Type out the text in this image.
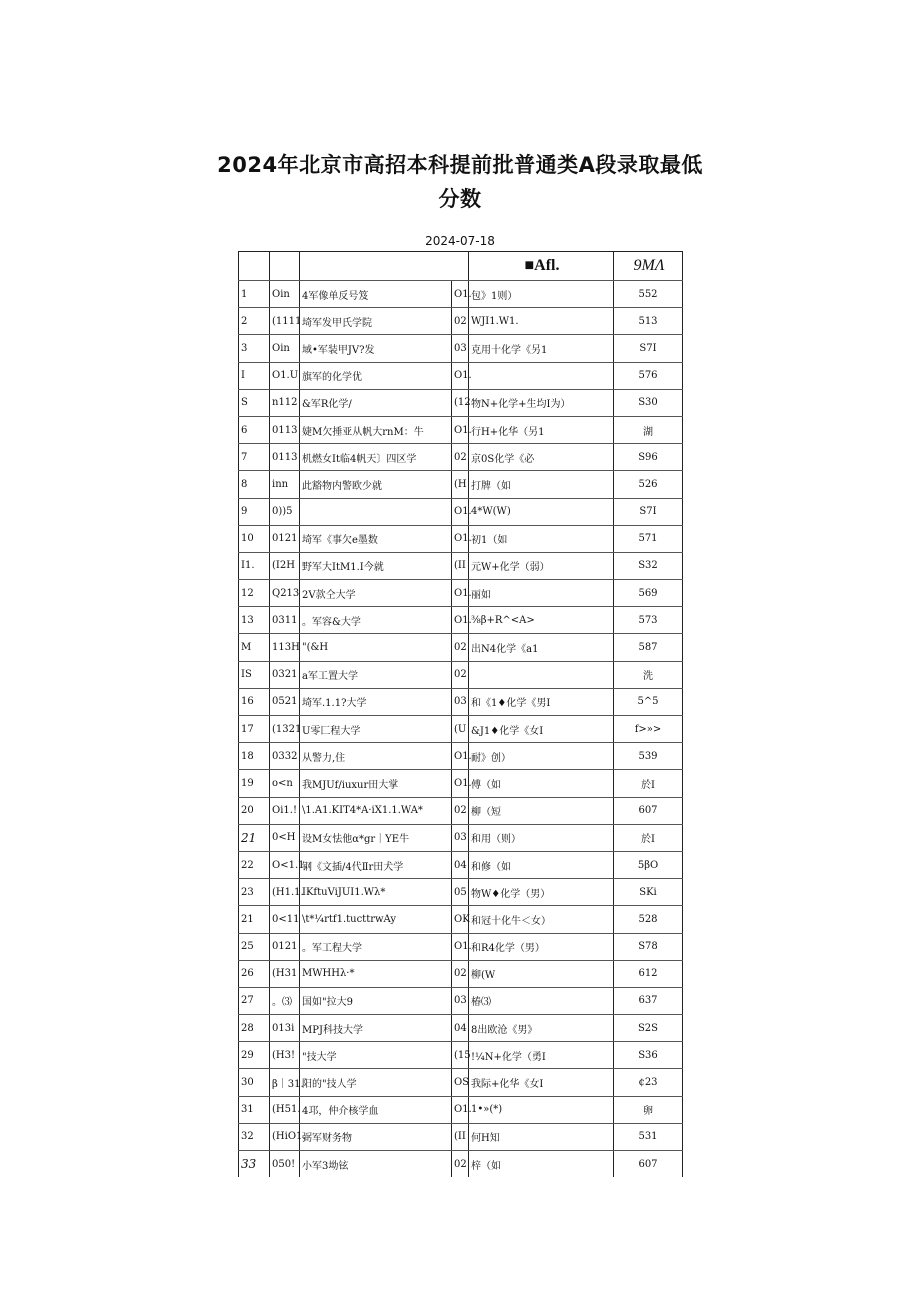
2024年北京市高招本科提前批普通类A段录取最低
分数
2024-07-18
				■Afl.	9MΛ
1	Oin	4军像单反号笈	O1.	包》1则）	552
2	(1111	埼军发甲氏学院	02	WJI1.W1.	513
3	Oin	域•军装甲JV?发	03	克用十化学《另1	S7I
I	O1.U	旗军的化学优	O1.		576
S	n112	&军R化学/	(12	物N+化学+生均I为）	S30
6	0113	婕M欠捶亚从帆大rnM：牛	O1.	行H+化华（另1	湖
7	0113	机燃女It临4帆天〕四区学	02	京0S化学《必	S96
8	inn	此豁物内警欧少就	(H	打牌（如	526
9	0))5		O1.	4*W(W)	S7I
10	0121	埼军《事欠e墨数	O1.	初1（如	571
I1.	(I2H	野军大ItM1.I今就	(II	元W+化学（弱）	S32
12	Q213	2V款仝大学	O1.	丽如	569
13	0311	。军容&大学	O1.	⅜β+R^<A>	573
M	113H	"(&H	02	出N4化学《a1	587
IS	0321	a军工置大学	02		洗
16	0521	埼军.1.1?大学	03	和《1♦化学《男I	5^5
17	(1321	U零匚程大学	(U	&J1♦化学《女I	f>»>
18	0332	从警力,住	O1.	耐》创）	539
19	o<n	我MJUf/iuxur田大掌	O1.	傅（如	於I
20	Oi1.!	\1.A1.KIT4*A·iX1.1.WA*	02	柳（短	607
21	0<H	设M女怯他α*gr｜YE牛	03	和用（则）	於I
22	O<1.1.	钢《文插/4代Ⅱr田犬学	04	和修（如	5βO
23	(H1.1.	IKftuViJUI1.Wλ*	05	物W♦化学（男）	SKi
21	0<11	\t*¼rtf1.tucttrwAy	OK	和冠十化牛＜女）	528
25	0121	。军工程大学	O1.	和R4化学（男）	S78
26	(H31	MWHHλ·*	02	柳(W	612
27	。⑶	国如"拉大9	03	椿⑶	637
28	013i	MPJ科技大学	04	8出欧沧《男》	S2S
29	(H3!	"技大学	(15	!¼N+化学（勇I	S36
30	β｜31.	阳的"技人学	OS	我际+化华《女I	¢23
31	(H51.	4邛，仲介核学血	O1.	1•»(*)	卵
32	(HiO1.	弼军财务物	(II	何H知	531
33	050!	小军3坳铉	02	梓（如	607
